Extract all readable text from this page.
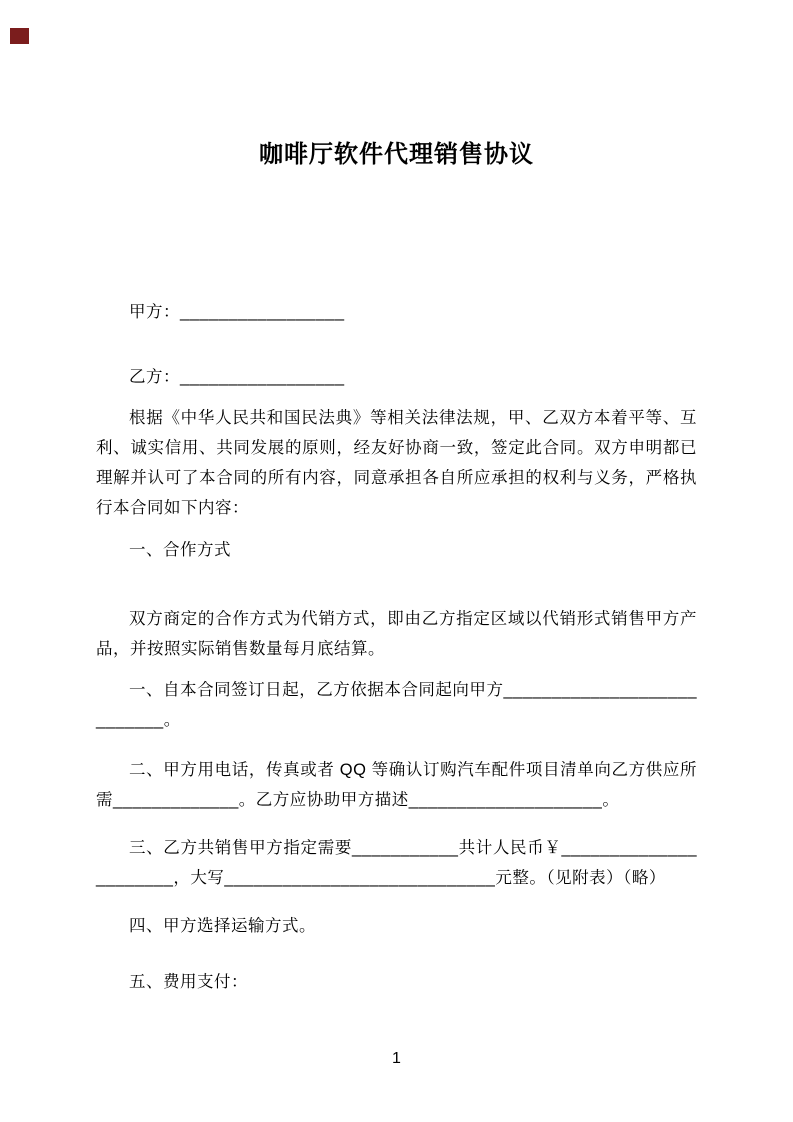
咖啡厅软件代理销售协议

甲方：_________________

乙方：_________________

根据《中华人民共和国民法典》等相关法律法规，甲、乙双方本着平等、互利、诚实信用、共同发展的原则，经友好协商一致，签定此合同。双方申明都已理解并认可了本合同的所有内容，同意承担各自所应承担的权利与义务，严格执行本合同如下内容：

一、合作方式

双方商定的合作方式为代销方式，即由乙方指定区域以代销形式销售甲方产品，并按照实际销售数量每月底结算。

一、自本合同签订日起，乙方依据本合同起向甲方___________________________。

二、甲方用电话，传真或者 QQ 等确认订购汽车配件项目清单向乙方供应所需_____________。乙方应协助甲方描述____________________。

三、乙方共销售甲方指定需要___________共计人民币￥______________________，大写____________________________元整。（见附表）（略）

四、甲方选择运输方式。

五、费用支付：

1
